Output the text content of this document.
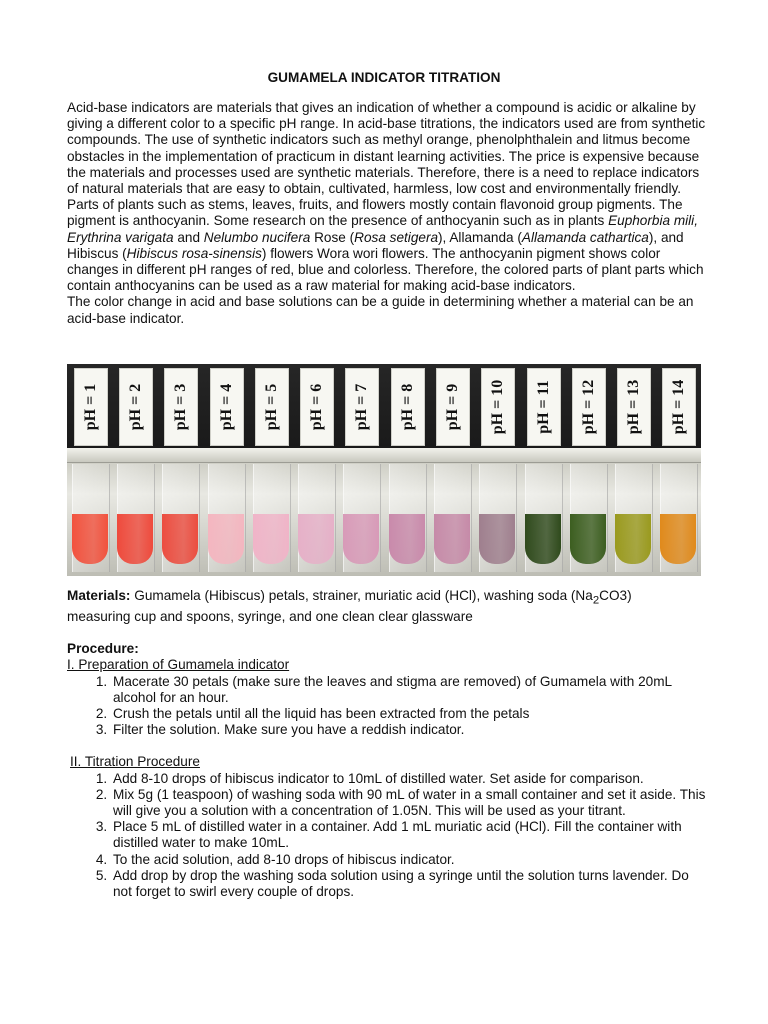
GUMAMELA INDICATOR TITRATION

Acid-base indicators are materials that gives an indication of whether a compound is acidic or alkaline by giving a different color to a specific pH range. In acid-base titrations, the indicators used are from synthetic compounds. The use of synthetic indicators such as methyl orange, phenolphthalein and litmus become obstacles in the implementation of practicum in distant learning activities. The price is expensive because the materials and processes used are synthetic materials. Therefore, there is a need to replace indicators of natural materials that are easy to obtain, cultivated, harmless, low cost and environmentally friendly.

Parts of plants such as stems, leaves, fruits, and flowers mostly contain flavonoid group pigments. The pigment is anthocyanin. Some research on the presence of anthocyanin such as in plants Euphorbia mili, Erythrina varigata and Nelumbo nucifera Rose (Rosa setigera), Allamanda (Allamanda cathartica), and Hibiscus (Hibiscus rosa-sinensis) flowers Wora wori flowers. The anthocyanin pigment shows color changes in different pH ranges of red, blue and colorless. Therefore, the colored parts of plant parts which contain anthocyanins can be used as a raw material for making acid-base indicators.

The color change in acid and base solutions can be a guide in determining whether a material can be an acid-base indicator.

pH = 1 pH = 2 pH = 3 pH = 4 pH = 5 pH = 6 pH = 7 pH = 8 pH = 9 pH = 10 pH = 11 pH = 12 pH = 13 pH = 14
Materials: Gumamela (Hibiscus) petals, strainer, muriatic acid (HCl), washing soda $(Na_2CO3)$
measuring cup and spoons, syringe, and one clean clear glassware
Procedure:
I. Preparation of Gumamela indicator
1. Macerate 30 petals (make sure the leaves and stigma are removed) of Gumamela with 20mL alcohol for an hour.
2. Crush the petals until all the liquid has been extracted from the petals
3. Filter the solution. Make sure you have a reddish indicator.
II. Titration Procedure
1. Add 8-10 drops of hibiscus indicator to 10mL of distilled water. Set aside for comparison.
2. Mix 5g (1 teaspoon) of washing soda with 90 mL of water in a small container and set it aside. This will give you a solution with a concentration of 1.05N. This will be used as your titrant.
3. Place 5 mL of distilled water in a container. Add 1 mL muriatic acid (HCl). Fill the container with distilled water to make 10mL.
4. To the acid solution, add 8-10 drops of hibiscus indicator.
5. Add drop by drop the washing soda solution using a syringe until the solution turns lavender. Do not forget to swirl every couple of drops.
